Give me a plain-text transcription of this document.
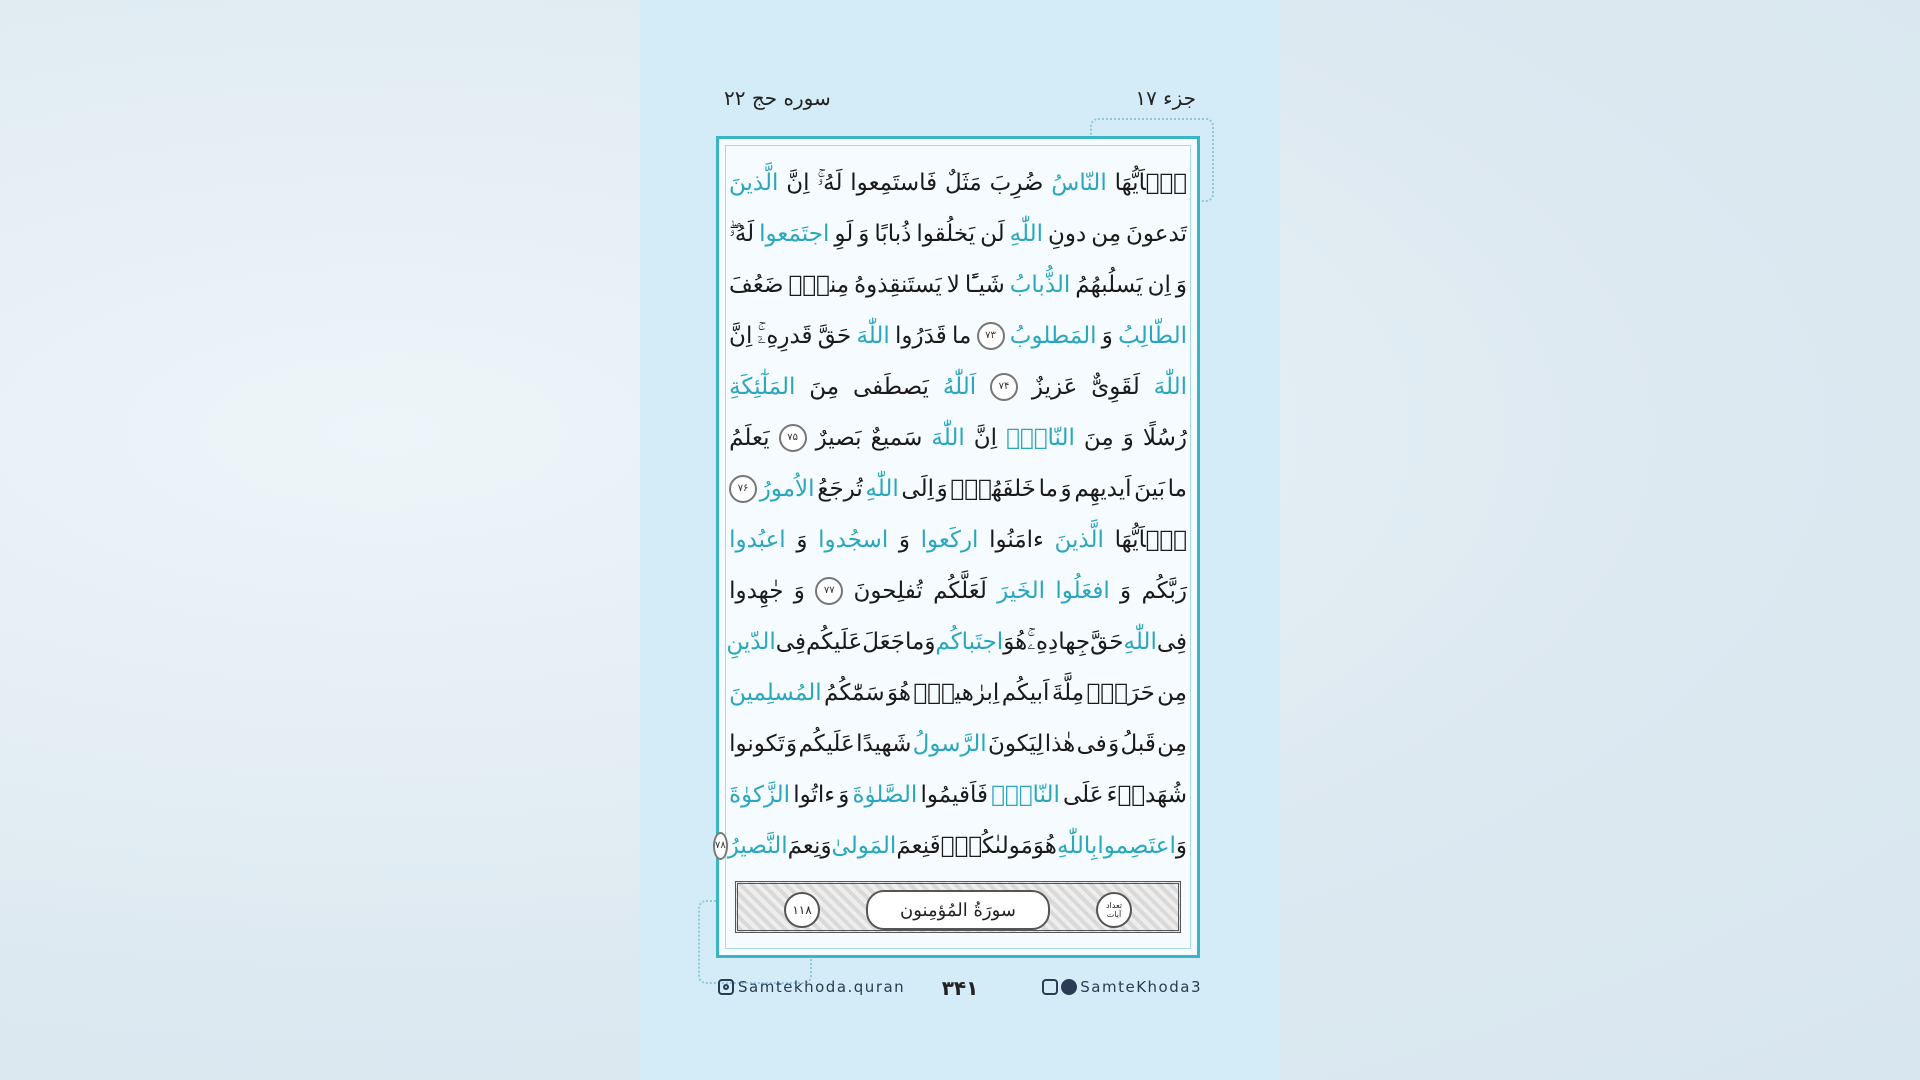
جزء ۱۷
سوره حج ۲۲
یٰۤاَیُّهَا
النّاسُ
ضُرِبَ
مَثَلٌ
فَاستَمِعوا
لَهُۥۚ
اِنَّ
الَّذینَ
تَدعونَ
مِن
دونِ
اللّٰهِ
لَن
یَخلُقوا
ذُبابًا
وَ
لَوِ
اجتَمَعوا
لَهُۥۖ
وَ
اِن
یَسلُبهُمُ
الذُّبابُ
شَیـًٔا
لا
یَستَنقِذوهُ
مِنهُۚ
ضَعُفَ
الطّالِبُ
وَ
المَطلوبُ
۷۳
ما
قَدَرُوا
اللّٰهَ
حَقَّ
قَدرِهِۦۤۚ
اِنَّ
اللّٰهَ
لَقَوِیٌّ
عَزیزٌ
۷۴
اَللّٰهُ
یَصطَفی
مِنَ
المَلٰٓئِکَةِ
رُسُلًا
وَ
مِنَ
النّاسِۚ
اِنَّ
اللّٰهَ
سَمیعٌ
بَصیرٌ
۷۵
یَعلَمُ
ما
بَینَ
اَیدیهِم
وَ
ما
خَلفَهُمۡۚ
وَ
اِلَی
اللّٰهِ
تُرجَعُ
الاُمورُ
۷۶
یٰۤاَیُّهَا
الَّذینَ
ءامَنُوا
اركَعوا
وَ
اسجُدوا
وَ
اعبُدوا
رَبَّكُم
وَ
افعَلُوا
الخَیرَ
لَعَلَّكُم
تُفلِحونَ
۷۷
وَ
جٰهِدوا
فِی
اللّٰهِ
حَقَّ
جِهادِهِۦۚ
هُوَ
اجتَباكُم
وَ
ما
جَعَلَ
عَلَیكُم
فِی
الدّینِ
مِن
حَرَجٍۚ
مِلَّةَ
اَبیكُم
اِبرٰهیمَۚ
هُوَ
سَمّٰكُمُ
المُسلِمینَ
مِن
قَبلُ
وَ
فی
هٰذا
لِیَكونَ
الرَّسولُ
شَهیدًا
عَلَیكُم
وَ
تَكونوا
شُهَداۤءَ
عَلَی
النّاسِۚ
فَاَقیمُوا
الصَّلوٰةَ
وَ
ءاتُوا
الزَّكوٰةَ
وَ
اعتَصِموا
بِاللّٰهِ
هُوَ
مَولىٰكُمۡۖ
فَنِعمَ
المَولیٰ
وَ
نِعمَ
النَّصیرُ
۷۸
تعداد آیات
سورَةُ المُؤمِنون
۱۱۸
Samtekhoda.quran ۳۴۱	SamteKhoda3
